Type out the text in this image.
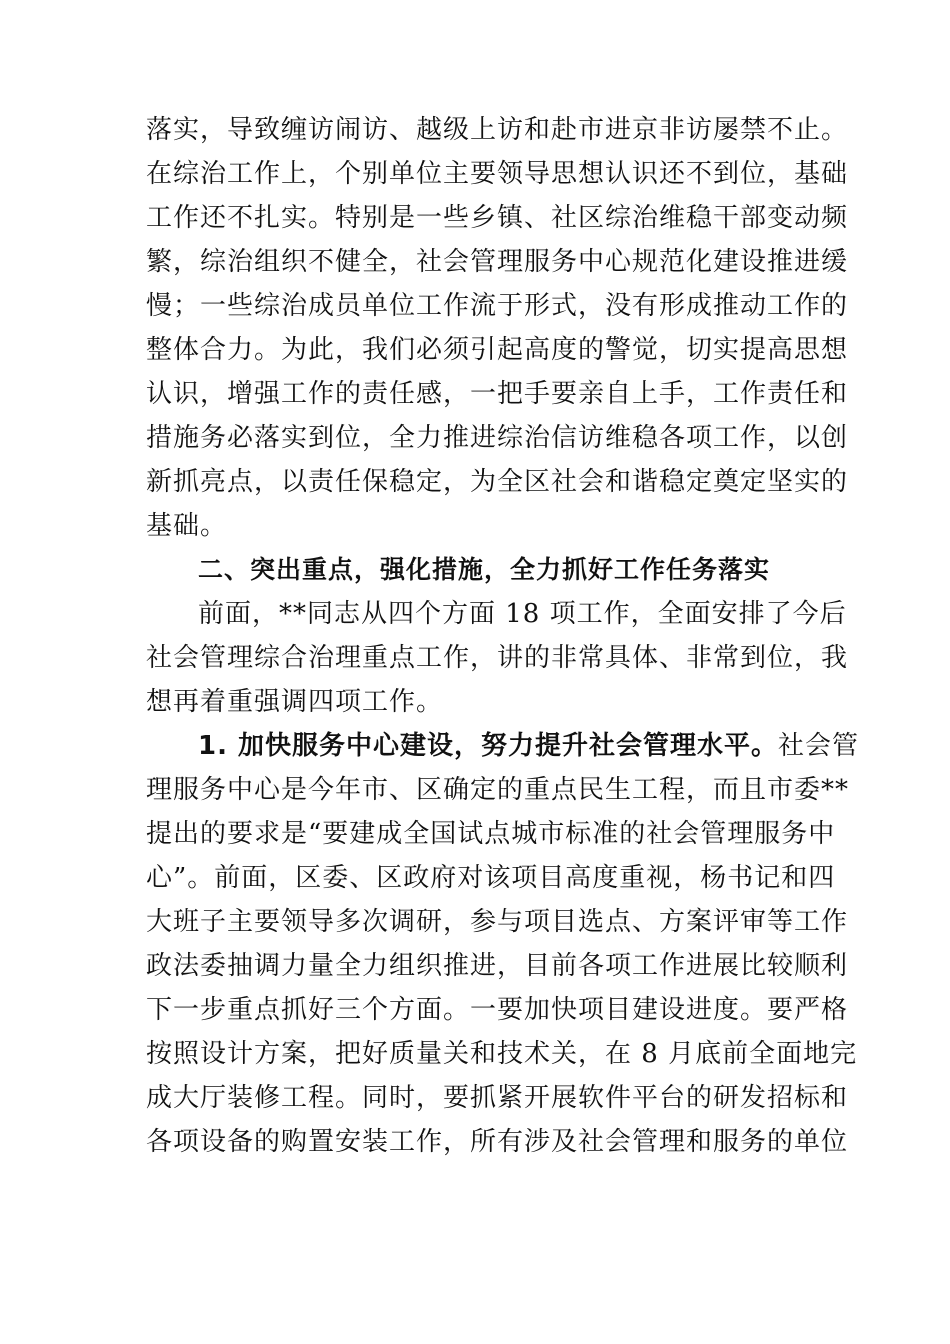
落实，导致缠访闹访、越级上访和赴市进京非访屡禁不止。
在综治工作上，个别单位主要领导思想认识还不到位，基础
工作还不扎实。特别是一些乡镇、社区综治维稳干部变动频
繁，综治组织不健全，社会管理服务中心规范化建设推进缓
慢；一些综治成员单位工作流于形式，没有形成推动工作的
整体合力。为此，我们必须引起高度的警觉，切实提高思想
认识，增强工作的责任感，一把手要亲自上手，工作责任和
措施务必落实到位，全力推进综治信访维稳各项工作，以创
新抓亮点，以责任保稳定，为全区社会和谐稳定奠定坚实的
基础。
二、突出重点，强化措施，全力抓好工作任务落实
前面，**同志从四个方面 18 项工作，全面安排了今后
社会管理综合治理重点工作，讲的非常具体、非常到位，我
想再着重强调四项工作。
1. 加快服务中心建设，努力提升社会管理水平。社会管
理服务中心是今年市、区确定的重点民生工程，而且市委**
提出的要求是“要建成全国试点城市标准的社会管理服务中
心”。前面，区委、区政府对该项目高度重视，杨书记和四
大班子主要领导多次调研，参与项目选点、方案评审等工作
政法委抽调力量全力组织推进，目前各项工作进展比较顺利
下一步重点抓好三个方面。一要加快项目建设进度。要严格
按照设计方案，把好质量关和技术关，在 8 月底前全面地完
成大厅装修工程。同时，要抓紧开展软件平台的研发招标和
各项设备的购置安装工作，所有涉及社会管理和服务的单位
